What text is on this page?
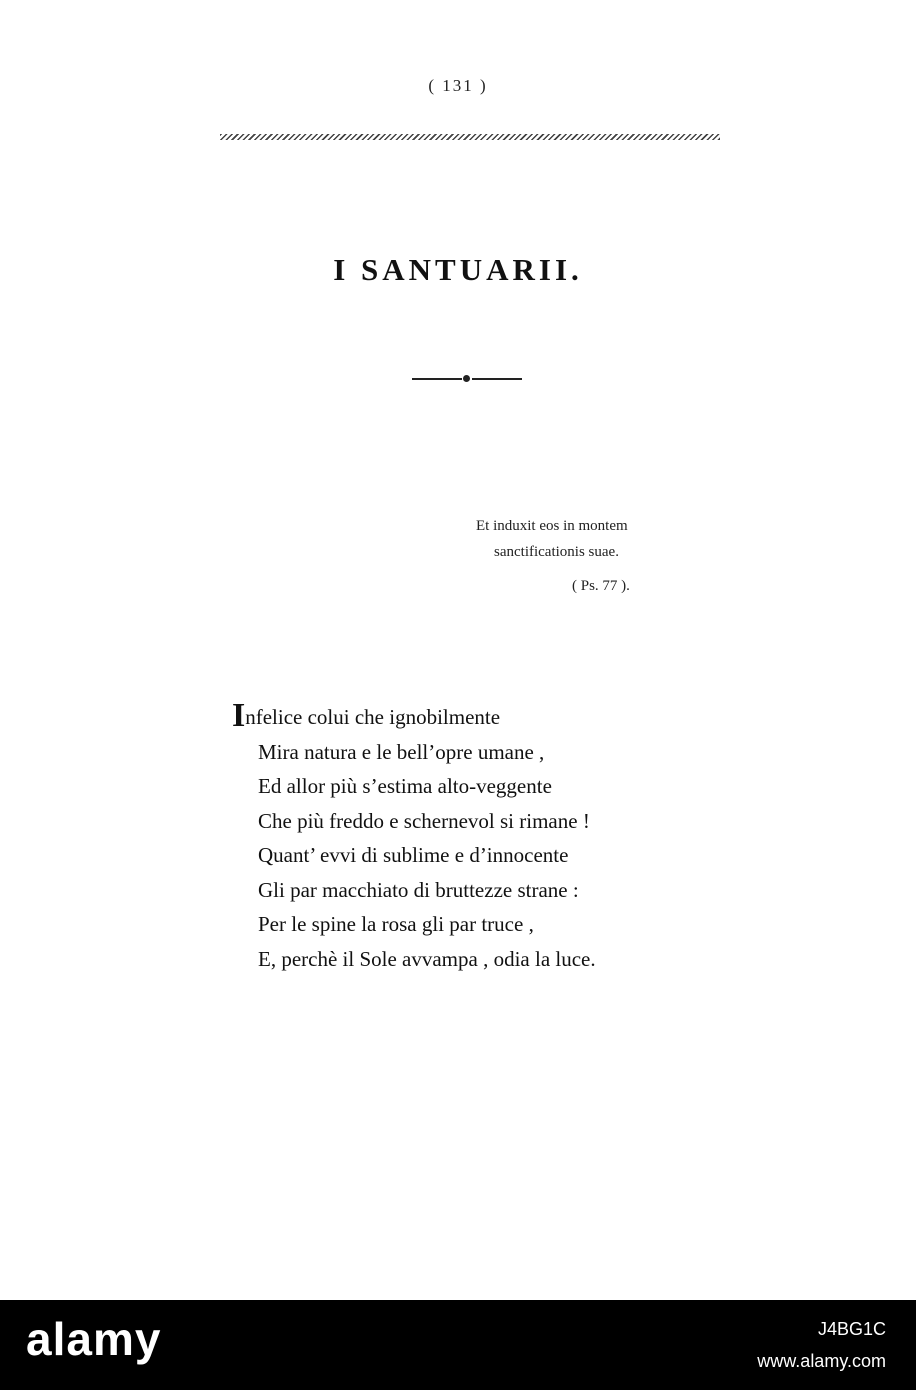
( 131 )
I SANTUARII.
Et induxit eos in montem
sanctificationis suae.
( Ps. 77 ).
Infelice colui che ignobilmente
Mira natura e le bell’opre umane ,
Ed allor più s’estima alto-veggente
Che più freddo e schernevol si rimane !
Quant’ evvi di sublime e d’innocente
Gli par macchiato di bruttezze strane :
Per le spine la rosa gli par truce ,
E, perchè il Sole avvampa , odia la luce.
alamy	J4BG1C
www.alamy.com
